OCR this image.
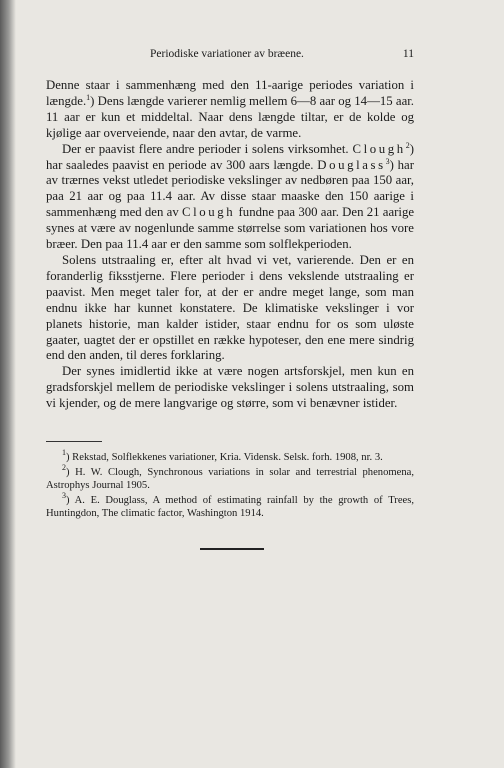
Periodiske variationer av bræene.	11

Denne staar i sammenhæng med den 11-aarige periodes variation i længde.$^1$) Dens længde varierer nemlig mellem 6—8 aar og 14—15 aar. 11 aar er kun et middeltal. Naar dens længde tiltar, er de kolde og kjølige aar overveiende, naar den avtar, de varme.

Der er paavist flere andre perioder i solens virksomhet. Clough$^2$) har saaledes paavist en periode av 300 aars længde. Douglass$^3$) har av trærnes vekst utledet periodiske vekslinger av nedbøren paa 150 aar, paa 21 aar og paa 11.4 aar. Av disse staar maaske den 150 aarige i sammenhæng med den av Clough fundne paa 300 aar. Den 21 aarige synes at være av nogenlunde samme størrelse som variationen hos vore bræer. Den paa 11.4 aar er den samme som solflekperioden.

Solens utstraaling er, efter alt hvad vi vet, varierende. Den er en foranderlig fiksstjerne. Flere perioder i dens vekslende utstraaling er paavist. Men meget taler for, at der er andre meget lange, som man endnu ikke har kunnet konstatere. De klimatiske vekslinger i vor planets historie, man kalder istider, staar endnu for os som uløste gaater, uagtet der er opstillet en række hypoteser, den ene mere sindrig end den anden, til deres forklaring.

Der synes imidlertid ikke at være nogen artsforskjel, men kun en gradsforskjel mellem de periodiske vekslinger i solens utstraaling, som vi kjender, og de mere langvarige og større, som vi benævner istider.

$^1$) Rekstad, Solflekkenes variationer, Kria. Vidensk. Selsk. forh. 1908, nr. 3.

$^2$) H. W. Clough, Synchronous variations in solar and terrestrial phenomena, Astrophys Journal 1905.

$^3$) A. E. Douglass, A method of estimating rainfall by the growth of Trees, Huntingdon, The climatic factor, Washington 1914.
